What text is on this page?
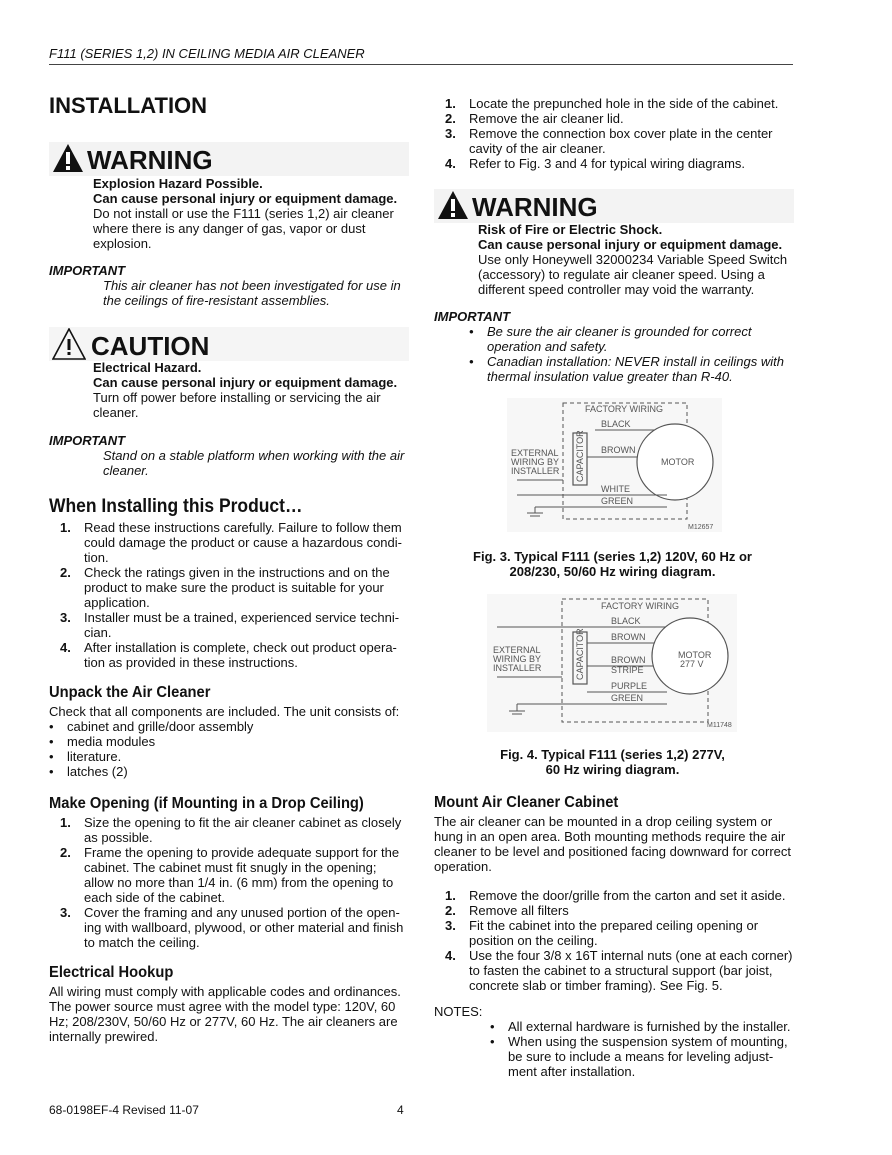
F111 (SERIES 1,2) IN CEILING MEDIA AIR CLEANER
INSTALLATION
WARNING
Explosion Hazard Possible.
Can cause personal injury or equipment damage.
Do not install or use the F111 (series 1,2) air cleaner where there is any danger of gas, vapor or dust explosion.
IMPORTANT
This air cleaner has not been investigated for use in the ceilings of fire-resistant assemblies.
CAUTION
Electrical Hazard.
Can cause personal injury or equipment damage.
Turn off power before installing or servicing the air cleaner.
IMPORTANT
Stand on a stable platform when working with the air cleaner.
When Installing this Product…
1. Read these instructions carefully. Failure to follow them could damage the product or cause a hazardous condi-tion.
2. Check the ratings given in the instructions and on the product to make sure the product is suitable for your application.
3. Installer must be a trained, experienced service techni-cian.
4. After installation is complete, check out product opera-tion as provided in these instructions.
Unpack the Air Cleaner
Check that all components are included. The unit consists of:
• cabinet and grille/door assembly
• media modules
• literature.
• latches (2)
Make Opening (if Mounting in a Drop Ceiling)
1. Size the opening to fit the air cleaner cabinet as closely as possible.
2. Frame the opening to provide adequate support for the cabinet. The cabinet must fit snugly in the opening; allow no more than 1/4 in. (6 mm) from the opening to each side of the cabinet.
3. Cover the framing and any unused portion of the open-ing with wallboard, plywood, or other material and finish to match the ceiling.
Electrical Hookup
All wiring must comply with applicable codes and ordinances. The power source must agree with the model type: 120V, 60 Hz; 208/230V, 50/60 Hz or 277V, 60 Hz. The air cleaners are internally prewired.
1. Locate the prepunched hole in the side of the cabinet.
2. Remove the air cleaner lid.
3. Remove the connection box cover plate in the center cavity of the air cleaner.
4. Refer to Fig. 3 and 4 for typical wiring diagrams.
WARNING
Risk of Fire or Electric Shock.
Can cause personal injury or equipment damage.
Use only Honeywell 32000234 Variable Speed Switch (accessory) to regulate air cleaner speed. Using a different speed controller may void the warranty.
IMPORTANT
• Be sure the air cleaner is grounded for correct operation and safety.
• Canadian installation: NEVER install in ceilings with thermal insulation value greater than R-40.
FACTORY WIRING
BLACK
CAPACITOR BROWN
MOTOR
EXTERNAL
WIRING BY
INSTALLER
WHITE
GREEN
M12657
Fig. 3. Typical F111 (series 1,2) 120V, 60 Hz or
208/230, 50/60 Hz wiring diagram.
FACTORY WIRING
BLACK
CAPACITOR	BROWN
BROWN
STRIPE
MOTOR
277 V
EXTERNAL
WIRING BY
INSTALLER
PURPLE
GREEN
M11748
Fig. 4. Typical F111 (series 1,2) 277V,
60 Hz wiring diagram.
Mount Air Cleaner Cabinet
The air cleaner can be mounted in a drop ceiling system or hung in an open area. Both mounting methods require the air cleaner to be level and positioned facing downward for correct operation.
1. Remove the door/grille from the carton and set it aside.
2. Remove all filters
3. Fit the cabinet into the prepared ceiling opening or position on the ceiling.
4. Use the four 3/8 x 16T internal nuts (one at each corner) to fasten the cabinet to a structural support (bar joist, concrete slab or timber framing). See Fig. 5.
NOTES:
• All external hardware is furnished by the installer.
• When using the suspension system of mounting, be sure to include a means for leveling adjust-ment after installation.
68-0198EF-4 Revised 11-07	4
